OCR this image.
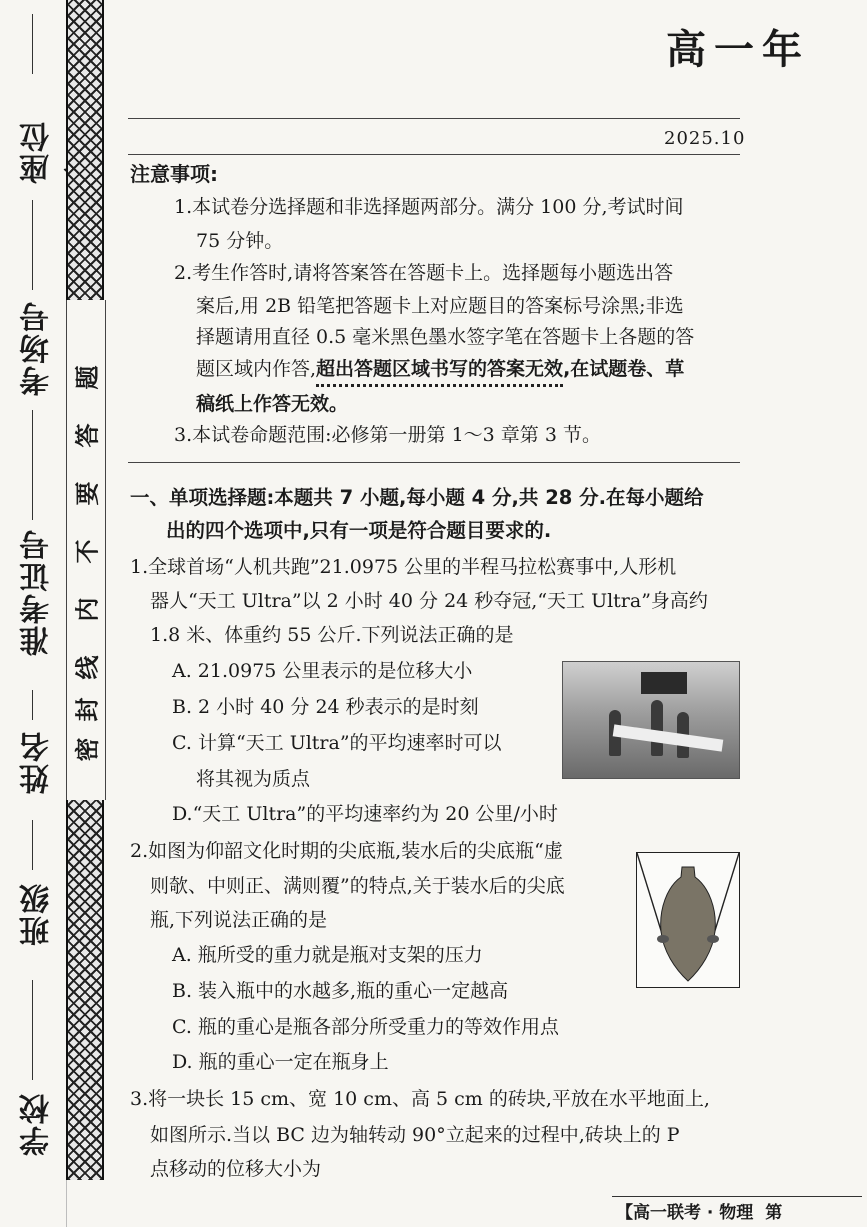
座位
考场号
准考证号
姓名
班级
学校
题
答
要
不
内
线
封
密
高一年
2025.10
注意事项:
1.本试卷分选择题和非选择题两部分。满分 100 分,考试时间
75 分钟。
2.考生作答时,请将答案答在答题卡上。选择题每小题选出答
案后,用 2B 铅笔把答题卡上对应题目的答案标号涂黑;非选
择题请用直径 0.5 毫米黑色墨水签字笔在答题卡上各题的答
题区域内作答,超出答题区域书写的答案无效,在试题卷、草
稿纸上作答无效。
3.本试卷命题范围:必修第一册第 1～3 章第 3 节。
一、单项选择题:本题共 7 小题,每小题 4 分,共 28 分.在每小题给
出的四个选项中,只有一项是符合题目要求的.
1.全球首场“人机共跑”21.0975 公里的半程马拉松赛事中,人形机
器人“天工 Ultra”以 2 小时 40 分 24 秒夺冠,“天工 Ultra”身高约
1.8 米、体重约 55 公斤.下列说法正确的是
A. 21.0975 公里表示的是位移大小
B. 2 小时 40 分 24 秒表示的是时刻
C. 计算“天工 Ultra”的平均速率时可以
将其视为质点
D.“天工 Ultra”的平均速率约为 20 公里/小时
2.如图为仰韶文化时期的尖底瓶,装水后的尖底瓶“虚
则欹、中则正、满则覆”的特点,关于装水后的尖底
瓶,下列说法正确的是
A. 瓶所受的重力就是瓶对支架的压力
B. 装入瓶中的水越多,瓶的重心一定越高
C. 瓶的重心是瓶各部分所受重力的等效作用点
D. 瓶的重心一定在瓶身上
3.将一块长 15 cm、宽 10 cm、高 5 cm 的砖块,平放在水平地面上,
如图所示.当以 BC 边为轴转动 90°立起来的过程中,砖块上的 P
点移动的位移大小为
【高一联考 · 物理 第
